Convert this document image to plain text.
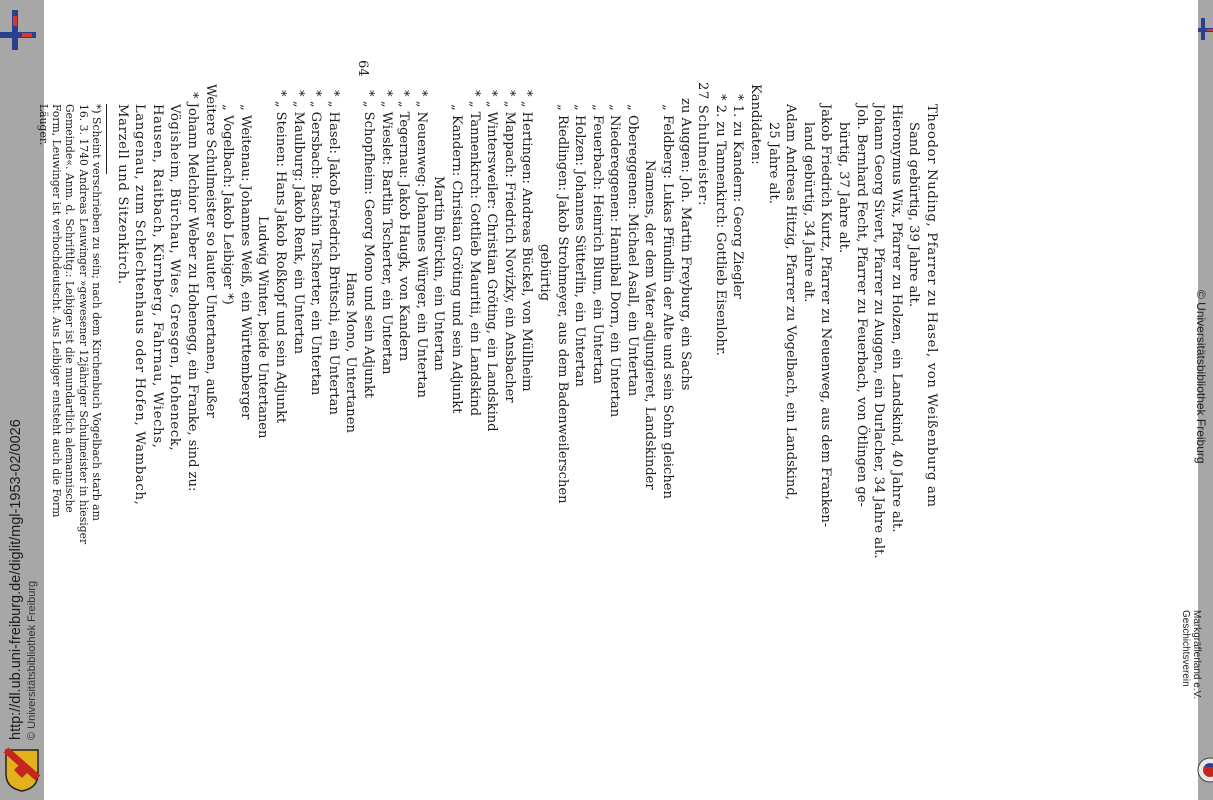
http://dl.ub.uni-freiburg.de/diglit/mgl-1953-02/0026 © Universitätsbibliothek Freiburg
© Universitätsbibliothek Freiburg
Markgräflerland e.V.
Geschichtsverein
Theodor Nuding, Pfarrer zu Hasel, von Weißenburg am
Sand gebürtig, 39 Jahre alt.
Hieronymus Wix, Pfarrer zu Holzen, ein Landskind, 40 Jahre alt.
Johann Georg Sivert, Pfarrer zu Auggen, ein Durlacher, 34 Jahre alt.
Joh. Bernhard Fecht, Pfarrer zu Feuerbach, von Ötlingen ge-
bürtig, 37 Jahre alt.
Jakob Friedrich Kurtz, Pfarrer zu Neuenweg, aus dem Franken-
land gebürtig, 34 Jahre alt.
Adam Andreas Hitzig, Pfarrer zu Vogelbach, ein Landskind,
25 Jahre alt.
Kandidaten:
* 1. zu Kandern: Georg Ziegler
* 2. zu Tannenkirch: Gottlieb Eisenlohr.
27 Schulmeister:
zu Auggen: Joh. Martin Freyburg, ein Sachs
„ Feldberg: Lukas Pfündlin der Alte und sein Sohn gleichen
Namens, der dem Vater adjungieret, Landskinder
„ Obereggenen: Michael Asall, ein Untertan
„ Niedereggenen: Hannibal Dorn, ein Untertan
„ Feuerbach: Heinrich Blum, ein Untertan
„ Holzen: Johannes Sütterlin, ein Untertan
„ Riedlingen: Jakob Strohmeyer, aus dem Badenweilerschen
gebürtig
* „ Hertingen: Andreas Bückel, von Müllheim
* „ Mappach: Friedrich Novizky, ein Ansbacher
* „ Wintersweiler: Christian Gröting, ein Landskind
* „ Tannenkirch: Gottlieb Mauritii, ein Landskind
„ Kandern: Christian Gröting und sein Adjunkt
Martin Bürckin, ein Untertan
* „ Neuenweg: Johannes Würger, ein Untertan
* „ Tegernau: Jakob Haugk, von Kandern
* „ Wieslet: Bartlin Tscherter, ein Untertan
* „ Schopfheim: Georg Mono und sein Adjunkt
Hans Mono, Untertanen
* „ Hasel: Jakob Friedrich Brütschi, ein Untertan
* „ Gersbach: Baschin Tscherter, ein Untertan
* „ Maulburg: Jakob Renk, ein Untertan
* „ Steinen: Hans Jakob Roßkopf und sein Adjunkt
Ludwig Winter, beide Untertanen
„ Weitenau: Johannes Weiß, ein Württemberger
„ Vogelbach: Jakob Leibiger *)
Weitere Schulmeister so lauter Untertanen, außer
* Johann Melchior Weber zu Hohenegg, ein Franke, sind zu:
Vögisheim, Bürchau, Wies, Gresgen, Hoheneck,
Hausen, Raitbach, Kürnberg, Fahrnau, Wiechs,
Langenau, zum Schlechtenhaus oder Hofen, Wambach,
Marzell und Sitzenkirch.
*) Scheint verschrieben zu sein; nach dem Kirchenbuch Vogelbach starb am
16. 3. 1740 Andreas Leuwinger »gewesener 12jähriger Schulmeister in hiesiger
Gemeinde«. Anm. d. Schriftltg.: Leibiger ist die mundartlich alemannische
Form, Leuwinger ist verhochdeutscht. Aus Leibiger entsteht auch die Form
Läuger.
64
